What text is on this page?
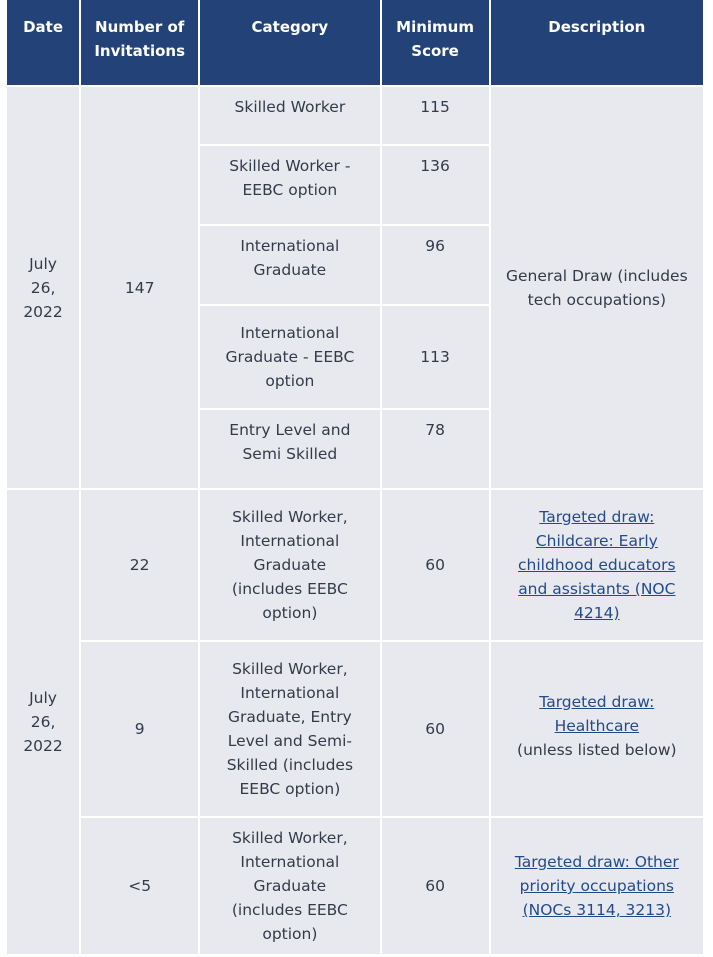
Date	Number of Invitations	Category	Minimum Score	Description
July 26, 2022	147	Skilled Worker	115	General Draw (includes tech occupations)
		Skilled Worker - EEBC option	136	
		International Graduate	96	
		International Graduate - EEBC option	113	
		Entry Level and Semi Skilled	78	
July 26, 2022	22	Skilled Worker, International Graduate (includes EEBC option)	60	Targeted draw: Childcare: Early childhood educators and assistants (NOC 4214)
	9	Skilled Worker, International Graduate, Entry Level and Semi-Skilled (includes EEBC option)	60	Targeted draw: Healthcare
(unless listed below)

	<5	Skilled Worker, International Graduate (includes EEBC option)	60	Targeted draw: Other priority occupations (NOCs 3114, 3213)
